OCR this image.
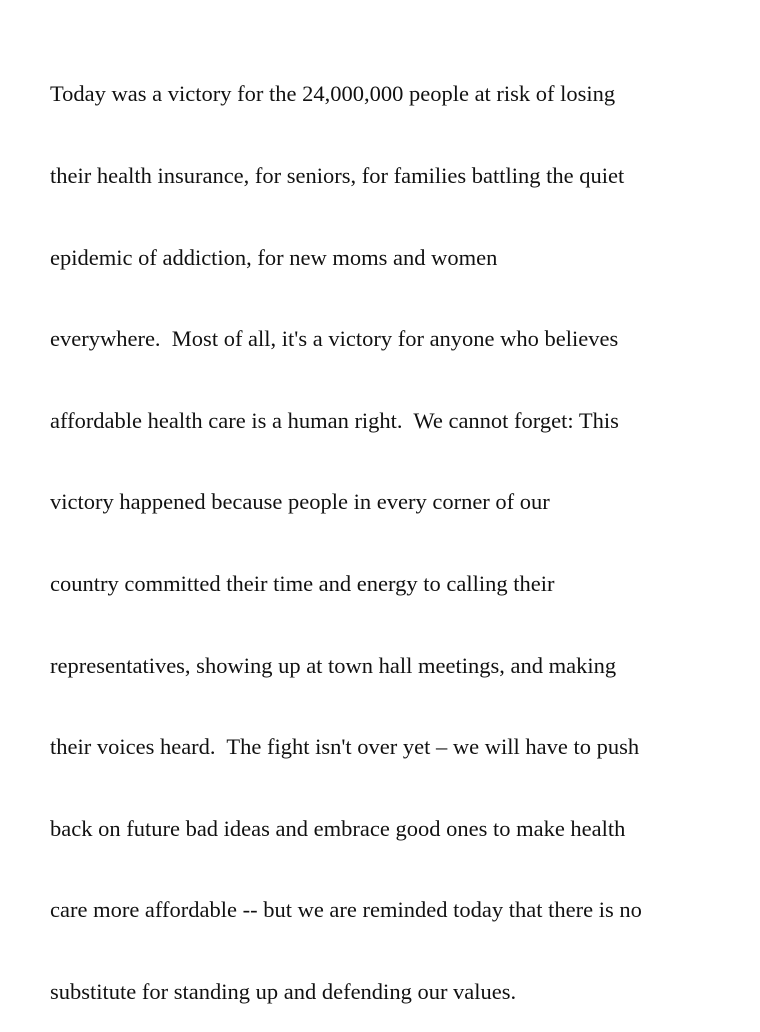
Today was a victory for the 24,000,000 people at risk of losing

their health insurance, for seniors, for families battling the quiet

epidemic of addiction, for new moms and women

everywhere.  Most of all, it's a victory for anyone who believes

affordable health care is a human right.  We cannot forget: This

victory happened because people in every corner of our

country committed their time and energy to calling their

representatives, showing up at town hall meetings, and making

their voices heard.  The fight isn't over yet – we will have to push

back on future bad ideas and embrace good ones to make health

care more affordable -- but we are reminded today that there is no

substitute for standing up and defending our values.
